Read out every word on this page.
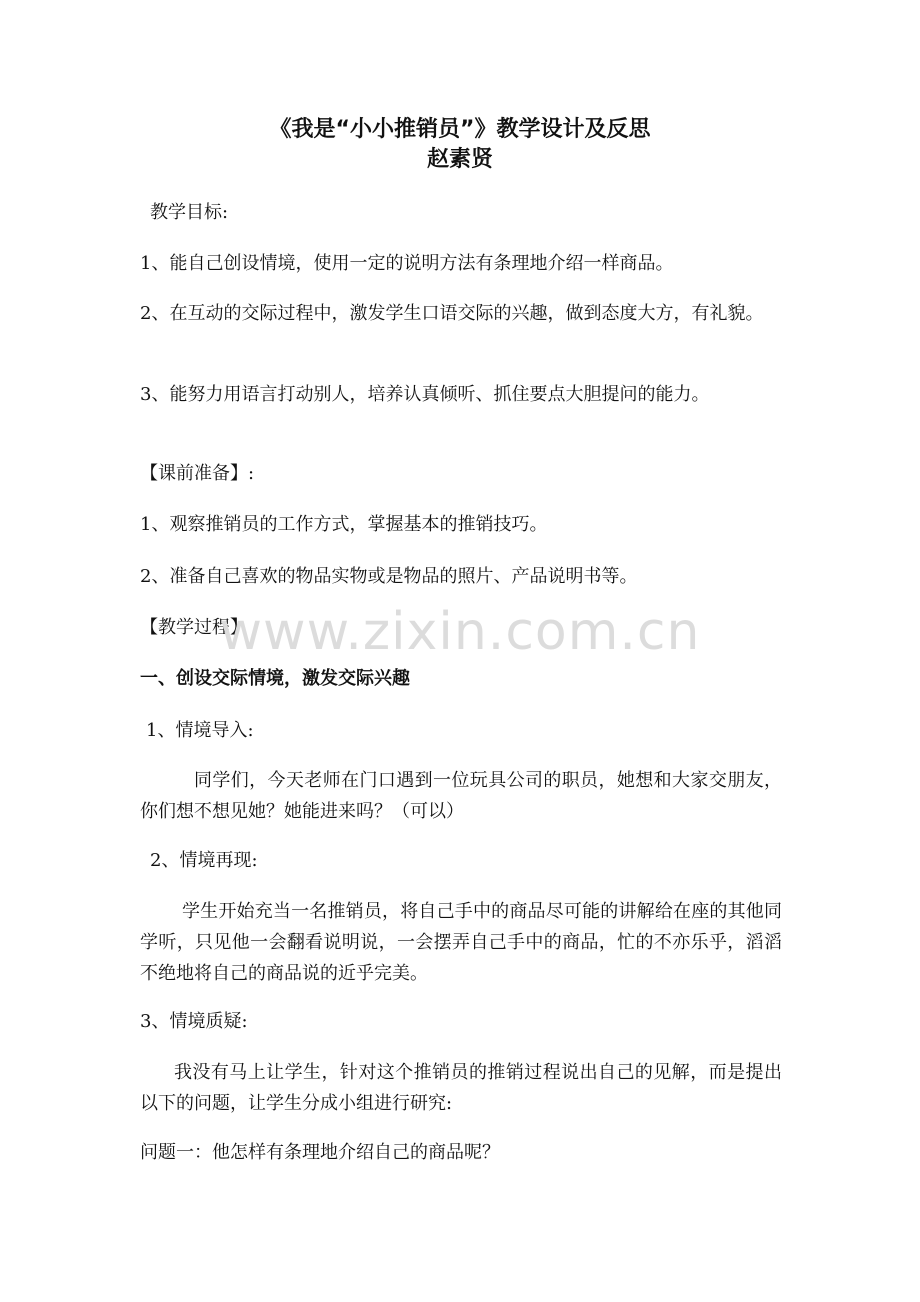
《我是“小小推销员”》教学设计及反思
赵素贤

教学目标:

1、能自己创设情境，使用一定的说明方法有条理地介绍一样商品。

2、在互动的交际过程中，激发学生口语交际的兴趣，做到态度大方，有礼貌。

3、能努力用语言打动别人，培养认真倾听、抓住要点大胆提问的能力。

【课前准备】:

1、观察推销员的工作方式，掌握基本的推销技巧。

2、准备自己喜欢的物品实物或是物品的照片、产品说明书等。

【教学过程】

一、创设交际情境，激发交际兴趣

1、情境导入:

同学们，今天老师在门口遇到一位玩具公司的职员，她想和大家交朋友，你们想不想见她？她能进来吗？（可以）

2、情境再现:

学生开始充当一名推销员，将自己手中的商品尽可能的讲解给在座的其他同学听，只见他一会翻看说明说，一会摆弄自己手中的商品，忙的不亦乐乎，滔滔不绝地将自己的商品说的近乎完美。

3、情境质疑:

我没有马上让学生，针对这个推销员的推销过程说出自己的见解，而是提出以下的问题，让学生分成小组进行研究:

问题一：他怎样有条理地介绍自己的商品呢？

www.zixin.com.cn
